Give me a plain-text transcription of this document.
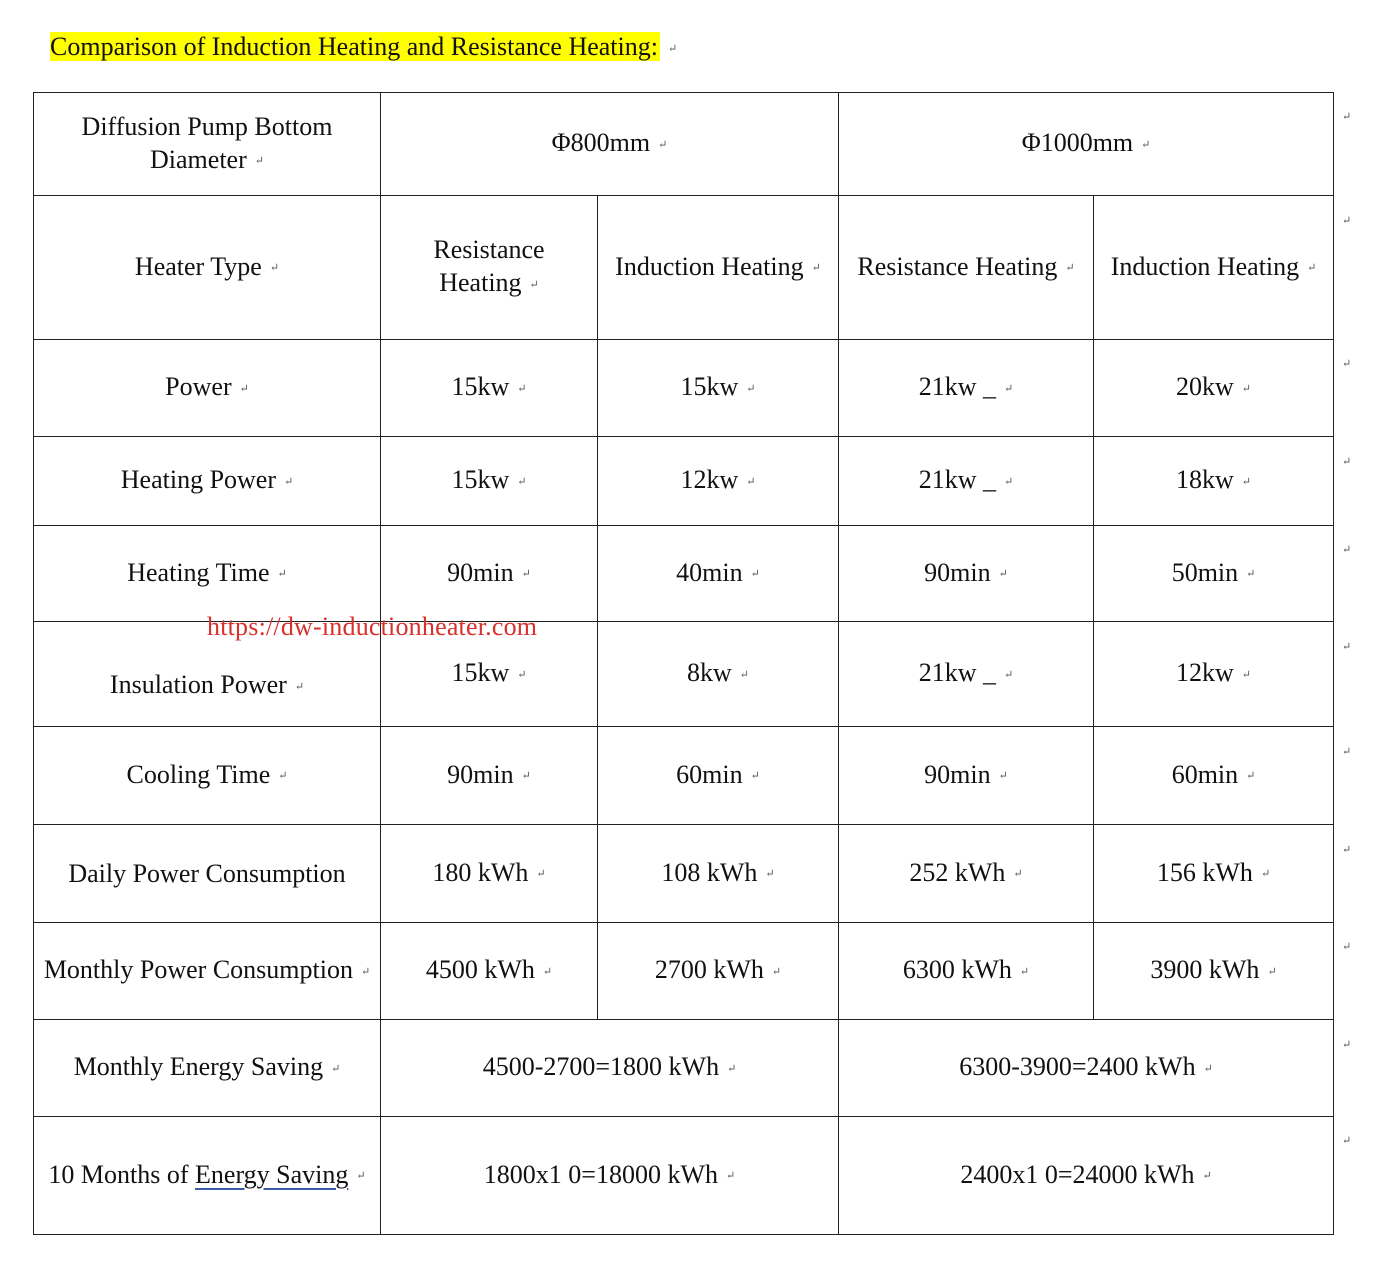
Comparison of Induction Heating and Resistance Heating: ↵
Diffusion Pump Bottom Diameter ↵	Φ800mm ↵		Φ1000mm ↵	
Heater Type ↵	Resistance Heating ↵	Induction Heating ↵	Resistance Heating ↵	Induction Heating ↵
Power ↵	15kw ↵	15kw ↵	21kw _ ↵	20kw ↵
Heating Power ↵	15kw ↵	12kw ↵	21kw _ ↵	18kw ↵
Heating Time ↵	90min ↵	40min ↵	90min ↵	50min ↵
Insulation Power ↵	15kw ↵	8kw ↵	21kw _ ↵	12kw ↵
Cooling Time ↵	90min ↵	60min ↵	90min ↵	60min ↵
Daily Power Consumption	180 kWh ↵	108 kWh ↵	252 kWh ↵	156 kWh ↵
Monthly Power Consumption ↵	4500 kWh ↵	2700 kWh ↵	6300 kWh ↵	3900 kWh ↵
Monthly Energy Saving ↵	4500-2700=1800 kWh ↵		6300-3900=2400 kWh ↵	
10 Months of Energy Saving ↵	1800x1 0=18000 kWh ↵		2400x1 0=24000 kWh ↵	
↵
↵
↵
↵
↵
↵
↵
↵
↵
↵
↵
https://dw-inductionheater.com
